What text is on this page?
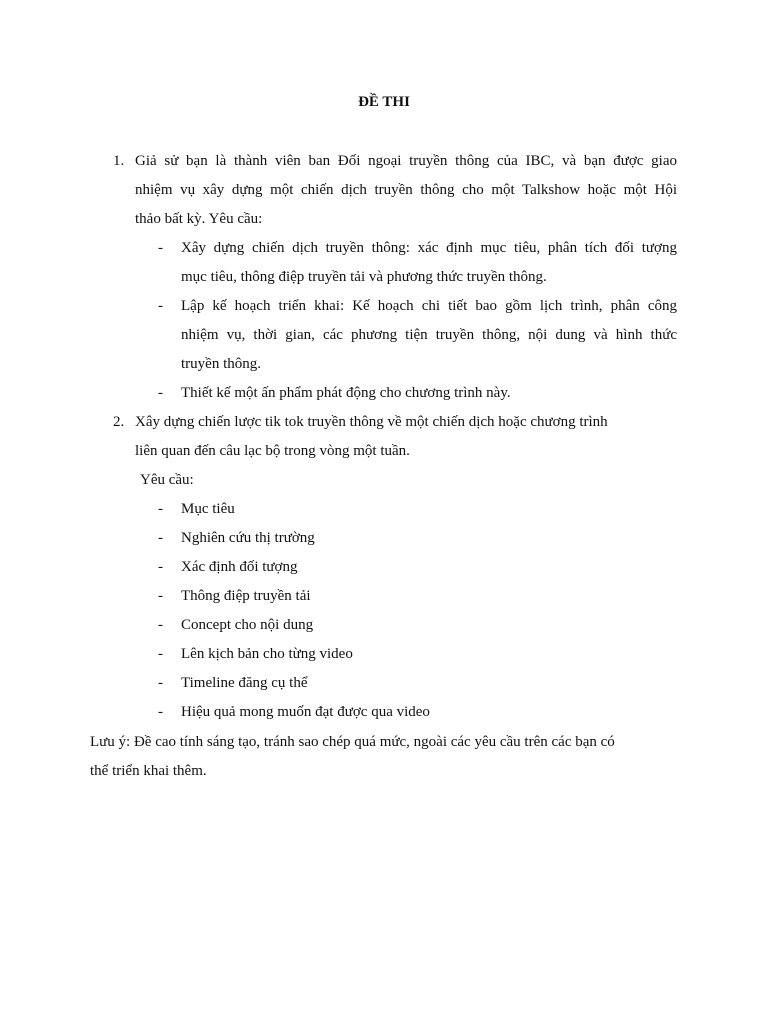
ĐỀ THI
1. Giả sử bạn là thành viên ban Đối ngoại truyền thông của IBC, và bạn được giao
nhiệm vụ xây dựng một chiến dịch truyền thông cho một Talkshow hoặc một Hội
thảo bất kỳ. Yêu cầu:
- Xây dựng chiến dịch truyền thông: xác định mục tiêu, phân tích đối tượng
mục tiêu, thông điệp truyền tải và phương thức truyền thông.
- Lập kế hoạch triển khai: Kế hoạch chi tiết bao gồm lịch trình, phân công
nhiệm vụ, thời gian, các phương tiện truyền thông, nội dung và hình thức
truyền thông.
- Thiết kế một ấn phẩm phát động cho chương trình này.
2. Xây dựng chiến lược tik tok truyền thông về một chiến dịch hoặc chương trình
liên quan đến câu lạc bộ trong vòng một tuần.
Yêu cầu:
- Mục tiêu
- Nghiên cứu thị trường
- Xác định đối tượng
- Thông điệp truyền tải
- Concept cho nội dung
- Lên kịch bản cho từng video
- Timeline đăng cụ thể
- Hiệu quả mong muốn đạt được qua video
Lưu ý: Đề cao tính sáng tạo, tránh sao chép quá mức, ngoài các yêu cầu trên các bạn có
thể triển khai thêm.
